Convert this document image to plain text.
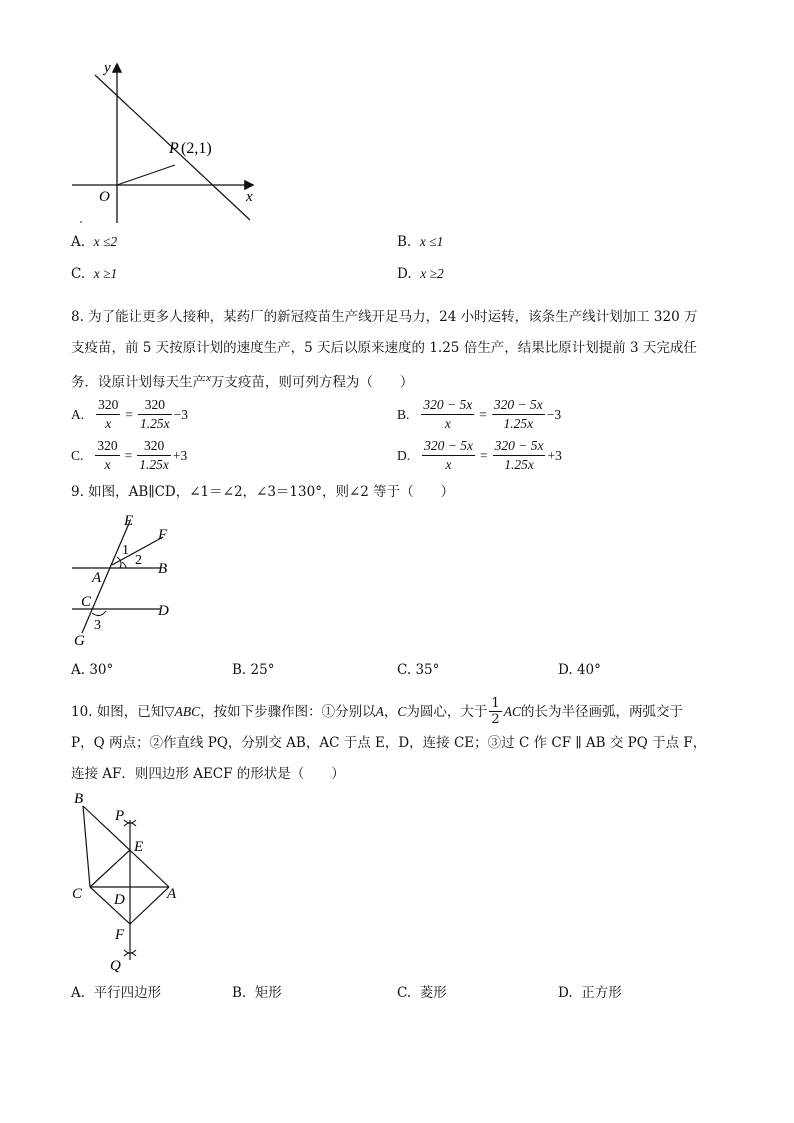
y
x
O
P (2,1)
A. x ≤2	B. x ≤1
C. x ≥1	D. x ≥2
8. 为了能让更多人接种，某药厂的新冠疫苗生产线开足马力，24 小时运转，该条生产线计划加工 320 万
支疫苗，前 5 天按原计划的速度生产，5 天后以原来速度的 1.25 倍生产，结果比原计划提前 3 天完成任
务．设原计划每天生产$^x$万支疫苗，则可列方程为（　　）
A. $\frac{320}{x} = \frac{320}{1.25x} -3$	B. $\frac{320 - 5x}{x} = \frac{320 - 5x}{1.25x} -3$
C. $\frac{320}{x} = \frac{320}{1.25x} +3$	D. $\frac{320 - 5x}{x} = \frac{320 - 5x}{1.25x} +3$
9. 如图，AB∥CD，∠1＝∠2，∠3＝130°，则∠2 等于（　　）
E
F
1
2
A
B
C
D
G
3
A. 30°	B. 25°	C. 35°	D. 40°
10. 如图，已知 ▽ABC ，按如下步骤作图：①分别以 A ， C 为圆心，大于 $\frac{1}{2}$ AC 的长为半径画弧，两弧交于
P，Q 两点；②作直线 PQ，分别交 AB，AC 于点 E，D，连接 CE；③过 C 作 CF ∥ AB 交 PQ 于点 F，
连接 AF．则四边形 AECF 的形状是（　　）
B
P
E
C D	A
F
Q
A. 平行四边形	B. 矩形	C. 菱形	D. 正方形
